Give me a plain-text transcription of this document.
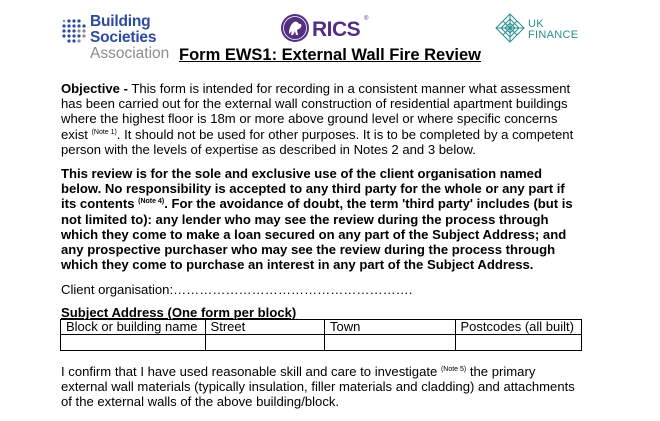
Building Societies
Association
RICS ®	UK
FINANCE
Form EWS1: External Wall Fire Review
Objective - This form is intended for recording in a consistent manner what assessment has been carried out for the external wall construction of residential apartment buildings where the highest floor is 18m or more above ground level or where specific concerns exist $^{(Note 1)}$. It should not be used for other purposes. It is to be completed by a competent person with the levels of expertise as described in Notes 2 and 3 below.
This review is for the sole and exclusive use of the client organisation named below. No responsibility is accepted to any third party for the whole or any part if its contents $^{(Note 4)}$. For the avoidance of doubt, the term 'third party' includes (but is not limited to): any lender who may see the review during the process through which they come to make a loan secured on any part of the Subject Address; and any prospective purchaser who may see the review during the process through which they come to purchase an interest in any part of the Subject Address.
Client organisation:……………………………………………….
Subject Address (One form per block)
Block or building name	Street	Town	Postcodes (all built)

I confirm that I have used reasonable skill and care to investigate $^{(Note 5)}$ the primary external wall materials (typically insulation, filler materials and cladding) and attachments of the external walls of the above building/block.
